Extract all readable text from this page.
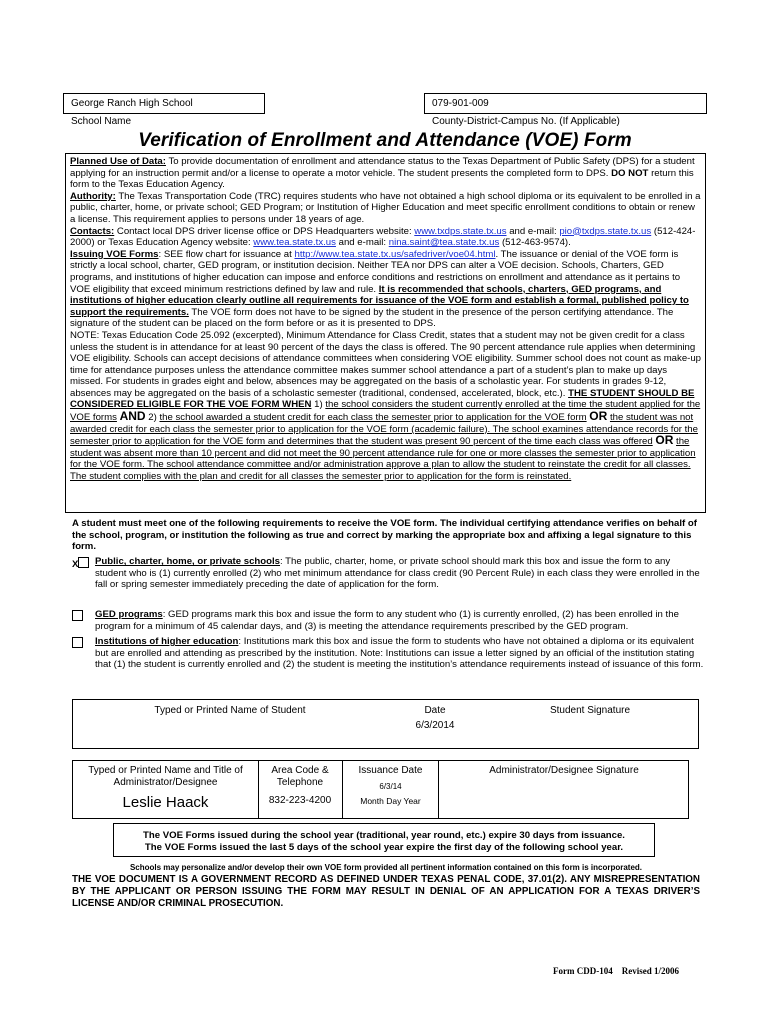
George Ranch High School
School Name
079-901-009
County-District-Campus No. (If Applicable)
Verification of Enrollment and Attendance (VOE) Form
Planned Use of Data: To provide documentation of enrollment and attendance status to the Texas Department of Public Safety (DPS) for a student applying for an instruction permit and/or a license to operate a motor vehicle. The student presents the completed form to DPS. DO NOT return this form to the Texas Education Agency.
Authority: The Texas Transportation Code (TRC) requires students who have not obtained a high school diploma or its equivalent to be enrolled in a public, charter, home, or private school; GED Program; or Institution of Higher Education and meet specific enrollment conditions to obtain or renew a license. This requirement applies to persons under 18 years of age.
Contacts: Contact local DPS driver license office or DPS Headquarters website: www.txdps.state.tx.us and e-mail: pio@txdps.state.tx.us (512-424-2000) or Texas Education Agency website: www.tea.state.tx.us and e-mail: nina.saint@tea.state.tx.us (512-463-9574).
Issuing VOE Forms: SEE flow chart for issuance at http://www.tea.state.tx.us/safedriver/voe04.html. The issuance or denial of the VOE form is strictly a local school, charter, GED program, or institution decision. Neither TEA nor DPS can alter a VOE decision. Schools, Charters, GED programs, and institutions of higher education can impose and enforce conditions and restrictions on enrollment and attendance as it pertains to VOE eligibility that exceed minimum restrictions defined by law and rule. It is recommended that schools, charters, GED programs, and institutions of higher education clearly outline all requirements for issuance of the VOE form and establish a formal, published policy to support the requirements. The VOE form does not have to be signed by the student in the presence of the person certifying attendance. The signature of the student can be placed on the form before or as it is presented to DPS.
NOTE: Texas Education Code 25.092 (excerpted), Minimum Attendance for Class Credit, states that a student may not be given credit for a class unless the student is in attendance for at least 90 percent of the days the class is offered. The 90 percent attendance rule applies when determining VOE eligibility. Schools can accept decisions of attendance committees when considering VOE eligibility. Summer school does not count as make-up time for attendance purposes unless the attendance committee makes summer school attendance a part of a student’s plan to make up days missed. For students in grades eight and below, absences may be aggregated on the basis of a scholastic year. For students in grades 9-12, absences may be aggregated on the basis of a scholastic semester (traditional, condensed, accelerated, block, etc.). THE STUDENT SHOULD BE CONSIDERED ELIGIBLE FOR THE VOE FORM WHEN 1) the school considers the student currently enrolled at the time the student applied for the VOE forms AND 2) the school awarded a student credit for each class the semester prior to application for the VOE form OR the student was not awarded credit for each class the semester prior to application for the VOE form (academic failure). The school examines attendance records for the semester prior to application for the VOE form and determines that the student was present 90 percent of the time each class was offered OR the student was absent more than 10 percent and did not meet the 90 percent attendance rule for one or more classes the semester prior to application for the VOE form. The school attendance committee and/or administration approve a plan to allow the student to reinstate the credit for all classes. The student complies with the plan and credit for all classes the semester prior to application for the form is reinstated.
A student must meet one of the following requirements to receive the VOE form. The individual certifying attendance verifies on behalf of the school, program, or institution the following as true and correct by marking the appropriate box and affixing a legal signature to this form.
X	Public, charter, home, or private schools: The public, charter, home, or private school should mark this box and issue the form to any student who is (1) currently enrolled (2) who met minimum attendance for class credit (90 Percent Rule) in each class they were enrolled in the fall or spring semester immediately preceding the date of application for the form.
GED programs: GED programs mark this box and issue the form to any student who (1) is currently enrolled, (2) has been enrolled in the program for a minimum of 45 calendar days, and (3) is meeting the attendance requirements prescribed by the GED program.
Institutions of higher education: Institutions mark this box and issue the form to students who have not obtained a diploma or its equivalent but are enrolled and attending as prescribed by the institution. Note: Institutions can issue a letter signed by an official of the institution stating that (1) the student is currently enrolled and (2) the student is meeting the institution’s attendance requirements instead of issuance of this form.
Typed or Printed Name of Student	Date
6/3/2014
Student Signature
Typed or Printed Name and Title of Administrator/Designee
Leslie Haack
Area Code & Telephone
832-223-4200
Issuance Date
6/3/14
Month Day Year
Administrator/Designee Signature
The VOE Forms issued during the school year (traditional, year round, etc.) expire 30 days from issuance.
The VOE Forms issued the last 5 days of the school year expire the first day of the following school year.
Schools may personalize and/or develop their own VOE form provided all pertinent information contained on this form is incorporated.
THE VOE DOCUMENT IS A GOVERNMENT RECORD AS DEFINED UNDER TEXAS PENAL CODE, 37.01(2). ANY MISREPRESENTATION BY THE APPLICANT OR PERSON ISSUING THE FORM MAY RESULT IN DENIAL OF AN APPLICATION FOR A TEXAS DRIVER’S LICENSE AND/OR CRIMINAL PROSECUTION.
Form CDD-104 Revised 1/2006
